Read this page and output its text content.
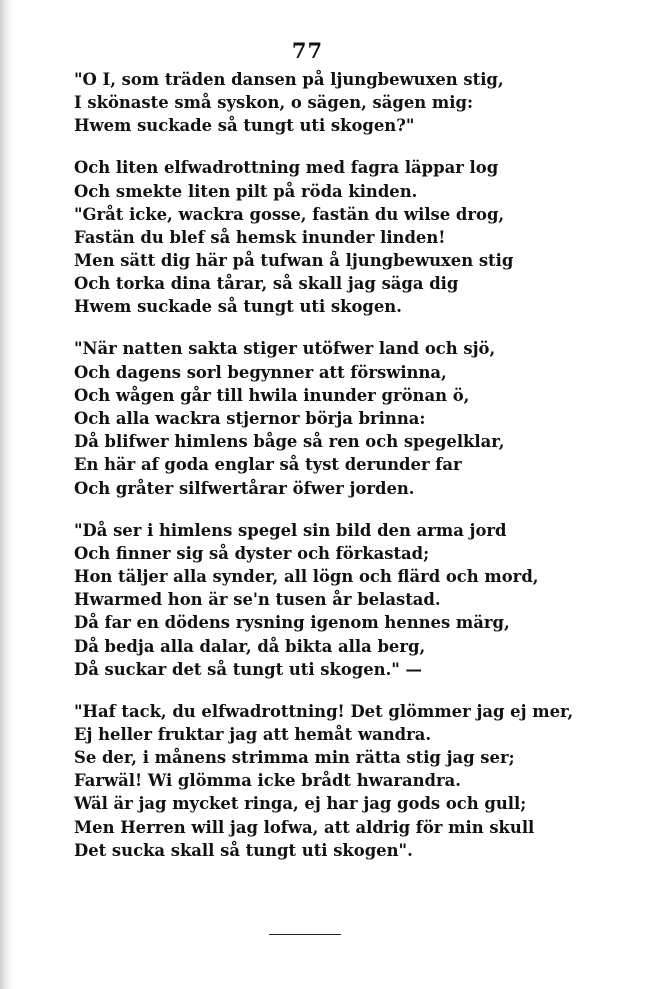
77
"O I, som träden dansen på ljungbewuxen stig,
I skönaste små syskon, o sägen, sägen mig:
Hwem suckade så tungt uti skogen?"
Och liten elfwadrottning med fagra läppar log
Och smekte liten pilt på röda kinden.
"Gråt icke, wackra gosse, fastän du wilse drog,
Fastän du blef så hemsk inunder linden!
Men sätt dig här på tufwan å ljungbewuxen stig
Och torka dina tårar, så skall jag säga dig
Hwem suckade så tungt uti skogen.
"När natten sakta stiger utöfwer land och sjö,
Och dagens sorl begynner att förswinna,
Och wågen går till hwila inunder grönan ö,
Och alla wackra stjernor börja brinna:
Då blifwer himlens båge så ren och spegelklar,
En här af goda englar så tyst derunder far
Och gråter silfwertårar öfwer jorden.
"Då ser i himlens spegel sin bild den arma jord
Och finner sig så dyster och förkastad;
Hon täljer alla synder, all lögn och flärd och mord,
Hwarmed hon är se'n tusen år belastad.
Då far en dödens rysning igenom hennes märg,
Då bedja alla dalar, då bikta alla berg,
Då suckar det så tungt uti skogen." —
"Haf tack, du elfwadrottning! Det glömmer jag ej mer,
Ej heller fruktar jag att hemåt wandra.
Se der, i månens strimma min rätta stig jag ser;
Farwäl! Wi glömma icke brådt hwarandra.
Wäl är jag mycket ringa, ej har jag gods och gull;
Men Herren will jag lofwa, att aldrig för min skull
Det sucka skall så tungt uti skogen".
